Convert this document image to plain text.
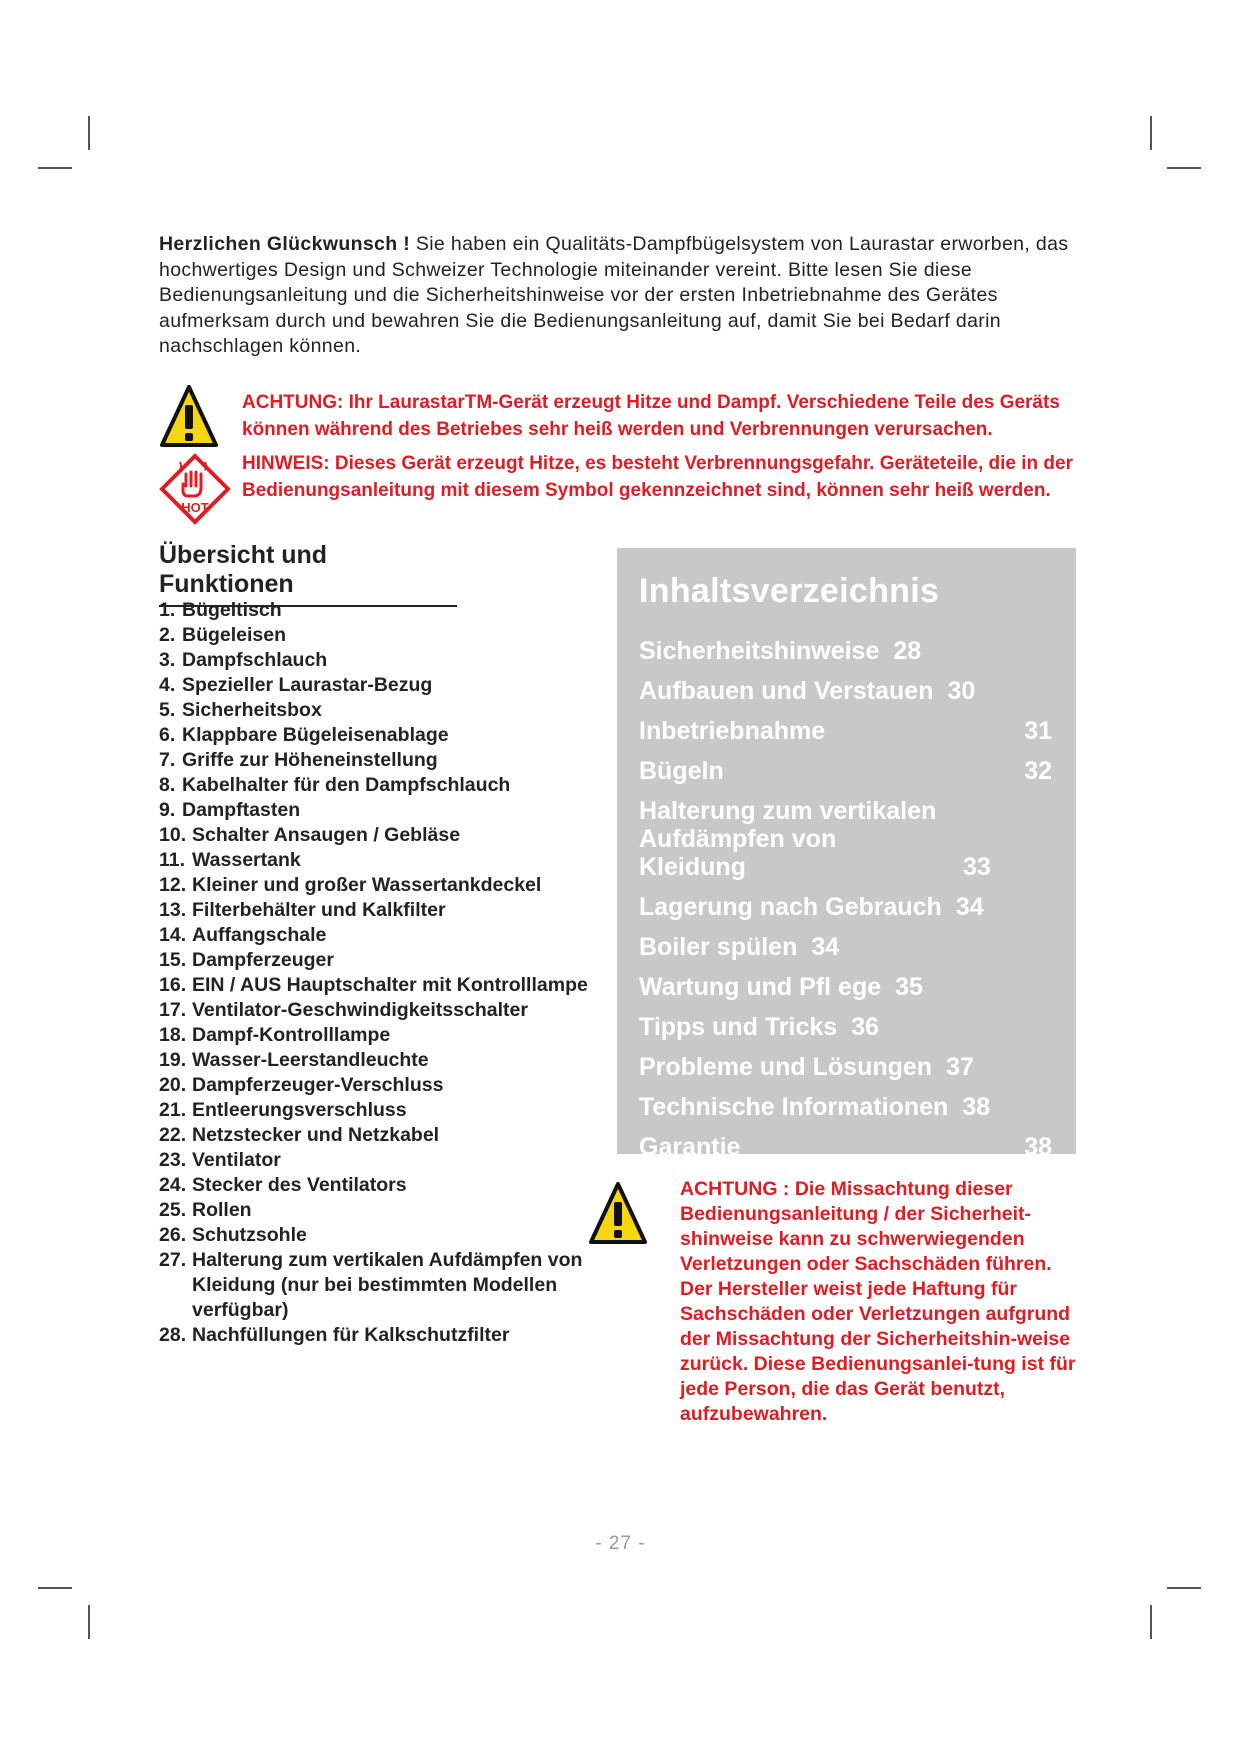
Herzlichen Glückwunsch ! Sie haben ein Qualitäts-Dampfbügelsystem von Laurastar erworben, das hochwertiges Design und Schweizer Technologie miteinander vereint. Bitte lesen Sie diese Bedienungsanleitung und die Sicherheitshinweise vor der ersten Inbetriebnahme des Gerätes aufmerksam durch und bewahren Sie die Bedienungsanleitung auf, damit Sie bei Bedarf darin nachschlagen können.

ACHTUNG: Ihr LaurastarTM-Gerät erzeugt Hitze und Dampf. Verschiedene Teile des Geräts können während des Betriebes sehr heiß werden und Verbrennungen verursachen.
HOT
HINWEIS: Dieses Gerät erzeugt Hitze, es besteht Verbrennungsgefahr. Geräteteile, die in der Bedienungsanleitung mit diesem Symbol gekennzeichnet sind, können sehr heiß werden.
Übersicht und Funktionen
1. Bügeltisch
2. Bügeleisen
3. Dampfschlauch
4. Spezieller Laurastar-Bezug
5. Sicherheitsbox
6. Klappbare Bügeleisenablage
7. Griffe zur Höheneinstellung
8. Kabelhalter für den Dampfschlauch
9. Dampftasten
10. Schalter Ansaugen / Gebläse
11. Wassertank
12. Kleiner und großer Wassertankdeckel
13. Filterbehälter und Kalkfilter
14. Auffangschale
15. Dampferzeuger
16. EIN / AUS Hauptschalter mit Kontrolllampe
17. Ventilator-Geschwindigkeitsschalter
18. Dampf-Kontrolllampe
19. Wasser-Leerstandleuchte
20. Dampferzeuger-Verschluss
21. Entleerungsverschluss
22. Netzstecker und Netzkabel
23. Ventilator
24. Stecker des Ventilators
25. Rollen
26. Schutzsohle
27. Halterung zum vertikalen Aufdämpfen von Kleidung (nur bei bestimmten Modellen verfügbar)
28. Nachfüllungen für Kalkschutzfilter
Inhaltsverzeichnis
Sicherheitshinweise 28
Aufbauen und Verstauen 30
Inbetriebnahme	31
Bügeln	32
Halterung zum vertikalen Aufdämpfen von Kleidung	33
Lagerung nach Gebrauch 34
Boiler spülen 34
Wartung und Pfl ege 35
Tipps und Tricks 36
Probleme und Lösungen 37
Technische Informationen 38
Garantie	38
ACHTUNG : Die Missachtung dieser Bedienungsanleitung / der Sicherheit-shinweise kann zu schwerwiegenden Verletzungen oder Sachschäden führen. Der Hersteller weist jede Haftung für Sachschäden oder Verletzungen aufgrund der Missachtung der Sicherheitshin-weise zurück. Diese Bedienungsanlei-tung ist für jede Person, die das Gerät benutzt, aufzubewahren.
- 27 -
